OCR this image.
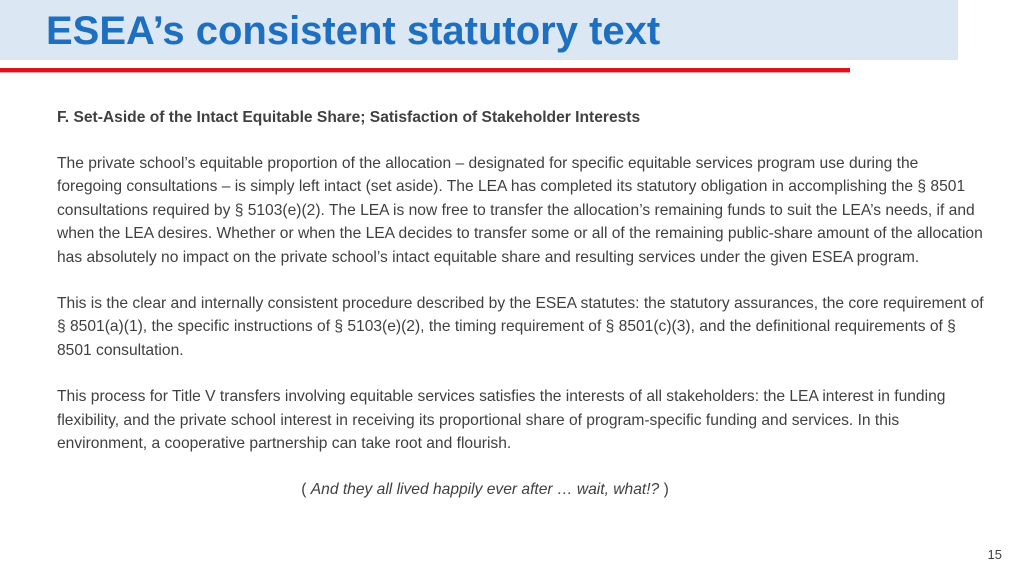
ESEA’s consistent statutory text

F. Set-Aside of the Intact Equitable Share; Satisfaction of Stakeholder Interests

The private school’s equitable proportion of the allocation – designated for specific equitable services program use during the foregoing consultations – is simply left intact (set aside). The LEA has completed its statutory obligation in accomplishing the § 8501 consultations required by § 5103(e)(2). The LEA is now free to transfer the allocation’s remaining funds to suit the LEA’s needs, if and when the LEA desires. Whether or when the LEA decides to transfer some or all of the remaining public-share amount of the allocation has absolutely no impact on the private school’s intact equitable share and resulting services under the given ESEA program.

This is the clear and internally consistent procedure described by the ESEA statutes: the statutory assurances, the core requirement of § 8501(a)(1), the specific instructions of § 5103(e)(2), the timing requirement of § 8501(c)(3), and the definitional requirements of § 8501 consultation.

This process for Title V transfers involving equitable services satisfies the interests of all stakeholders: the LEA interest in funding flexibility, and the private school interest in receiving its proportional share of program-specific funding and services. In this environment, a cooperative partnership can take root and flourish.

( And they all lived happily ever after … wait, what!? )

15
